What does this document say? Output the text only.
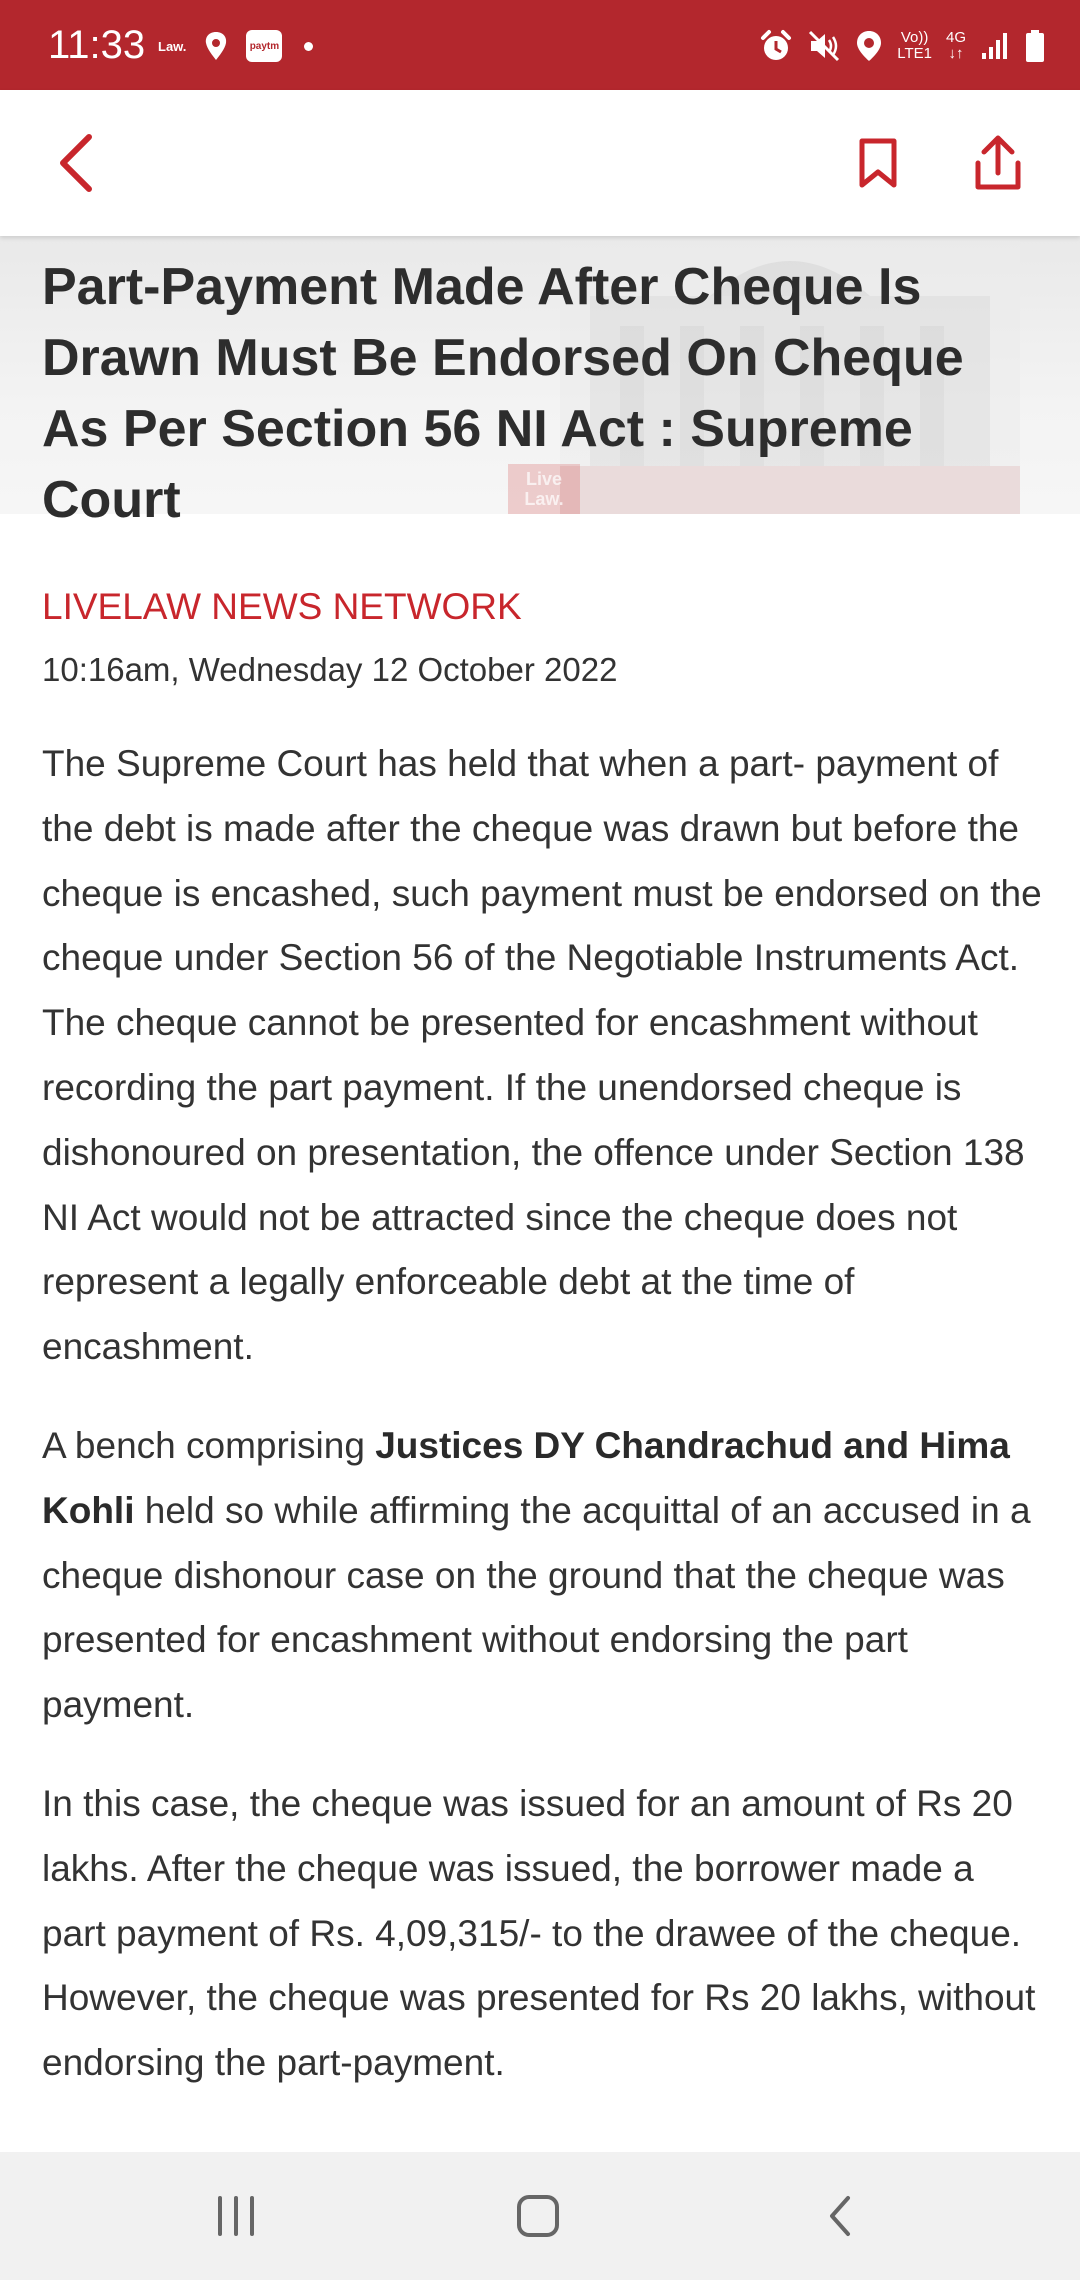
11:33 Law.	paytm	Vo))
LTE1
4G
↓↑
Live
Law.
Part-Payment Made After Cheque Is Drawn Must Be Endorsed On Cheque As Per Section 56 NI Act : Supreme Court
LIVELAW NEWS NETWORK
10:16am, Wednesday 12 October 2022

The Supreme Court has held that when a part- payment of the debt is made after the cheque was drawn but before the cheque is encashed, such payment must be endorsed on the cheque under Section 56 of the Negotiable Instruments Act. The cheque cannot be presented for encashment without recording the part payment. If the unendorsed cheque is dishonoured on presentation, the offence under Section 138 NI Act would not be attracted since the cheque does not represent a legally enforceable debt at the time of encashment.

A bench comprising Justices DY Chandrachud and Hima Kohli held so while affirming the acquittal of an accused in a cheque dishonour case on the ground that the cheque was presented for encashment without endorsing the part payment.

In this case, the cheque was issued for an amount of Rs 20 lakhs. After the cheque was issued, the borrower made a part payment of Rs. 4,09,315/- to the drawee of the cheque. However, the cheque was presented for Rs 20 lakhs, without endorsing the part-payment.
